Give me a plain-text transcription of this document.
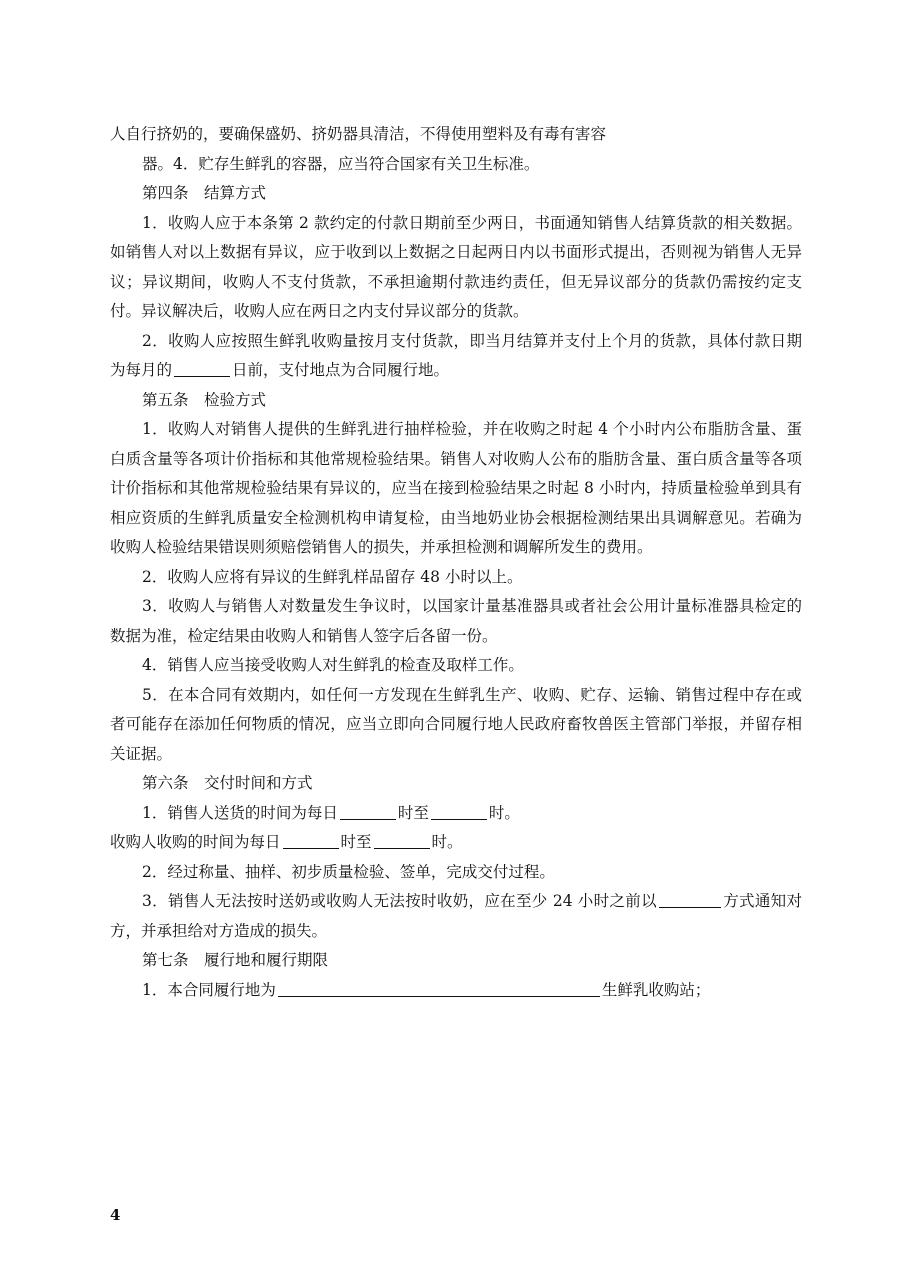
人自行挤奶的，要确保盛奶、挤奶器具清洁，不得使用塑料及有毒有害容

器。4．贮存生鲜乳的容器，应当符合国家有关卫生标准。

第四条　结算方式

1．收购人应于本条第 2 款约定的付款日期前至少两日，书面通知销售人结算货款的相关数据。如销售人对以上数据有异议，应于收到以上数据之日起两日内以书面形式提出，否则视为销售人无异议；异议期间，收购人不支付货款，不承担逾期付款违约责任，但无异议部分的货款仍需按约定支付。异议解决后，收购人应在两日之内支付异议部分的货款。

2．收购人应按照生鲜乳收购量按月支付货款，即当月结算并支付上个月的货款，具体付款日期为每月的	日前，支付地点为合同履行地。

第五条　检验方式

1．收购人对销售人提供的生鲜乳进行抽样检验，并在收购之时起 4 个小时内公布脂肪含量、蛋白质含量等各项计价指标和其他常规检验结果。销售人对收购人公布的脂肪含量、蛋白质含量等各项计价指标和其他常规检验结果有异议的，应当在接到检验结果之时起 8 小时内，持质量检验单到具有相应资质的生鲜乳质量安全检测机构申请复检，由当地奶业协会根据检测结果出具调解意见。若确为收购人检验结果错误则须赔偿销售人的损失，并承担检测和调解所发生的费用。

2．收购人应将有异议的生鲜乳样品留存 48 小时以上。

3．收购人与销售人对数量发生争议时，以国家计量基准器具或者社会公用计量标准器具检定的数据为准，检定结果由收购人和销售人签字后各留一份。

4．销售人应当接受收购人对生鲜乳的检查及取样工作。

5．在本合同有效期内，如任何一方发现在生鲜乳生产、收购、贮存、运输、销售过程中存在或者可能存在添加任何物质的情况，应当立即向合同履行地人民政府畜牧兽医主管部门举报，并留存相关证据。

第六条　交付时间和方式

1．销售人送货的时间为每日	时至	时。

收购人收购的时间为每日	时至	时。

2．经过称量、抽样、初步质量检验、签单，完成交付过程。

3．销售人无法按时送奶或收购人无法按时收奶，应在至少 24 小时之前以	方式通知对方，并承担给对方造成的损失。

第七条　履行地和履行期限

1．本合同履行地为	生鲜乳收购站；

4
